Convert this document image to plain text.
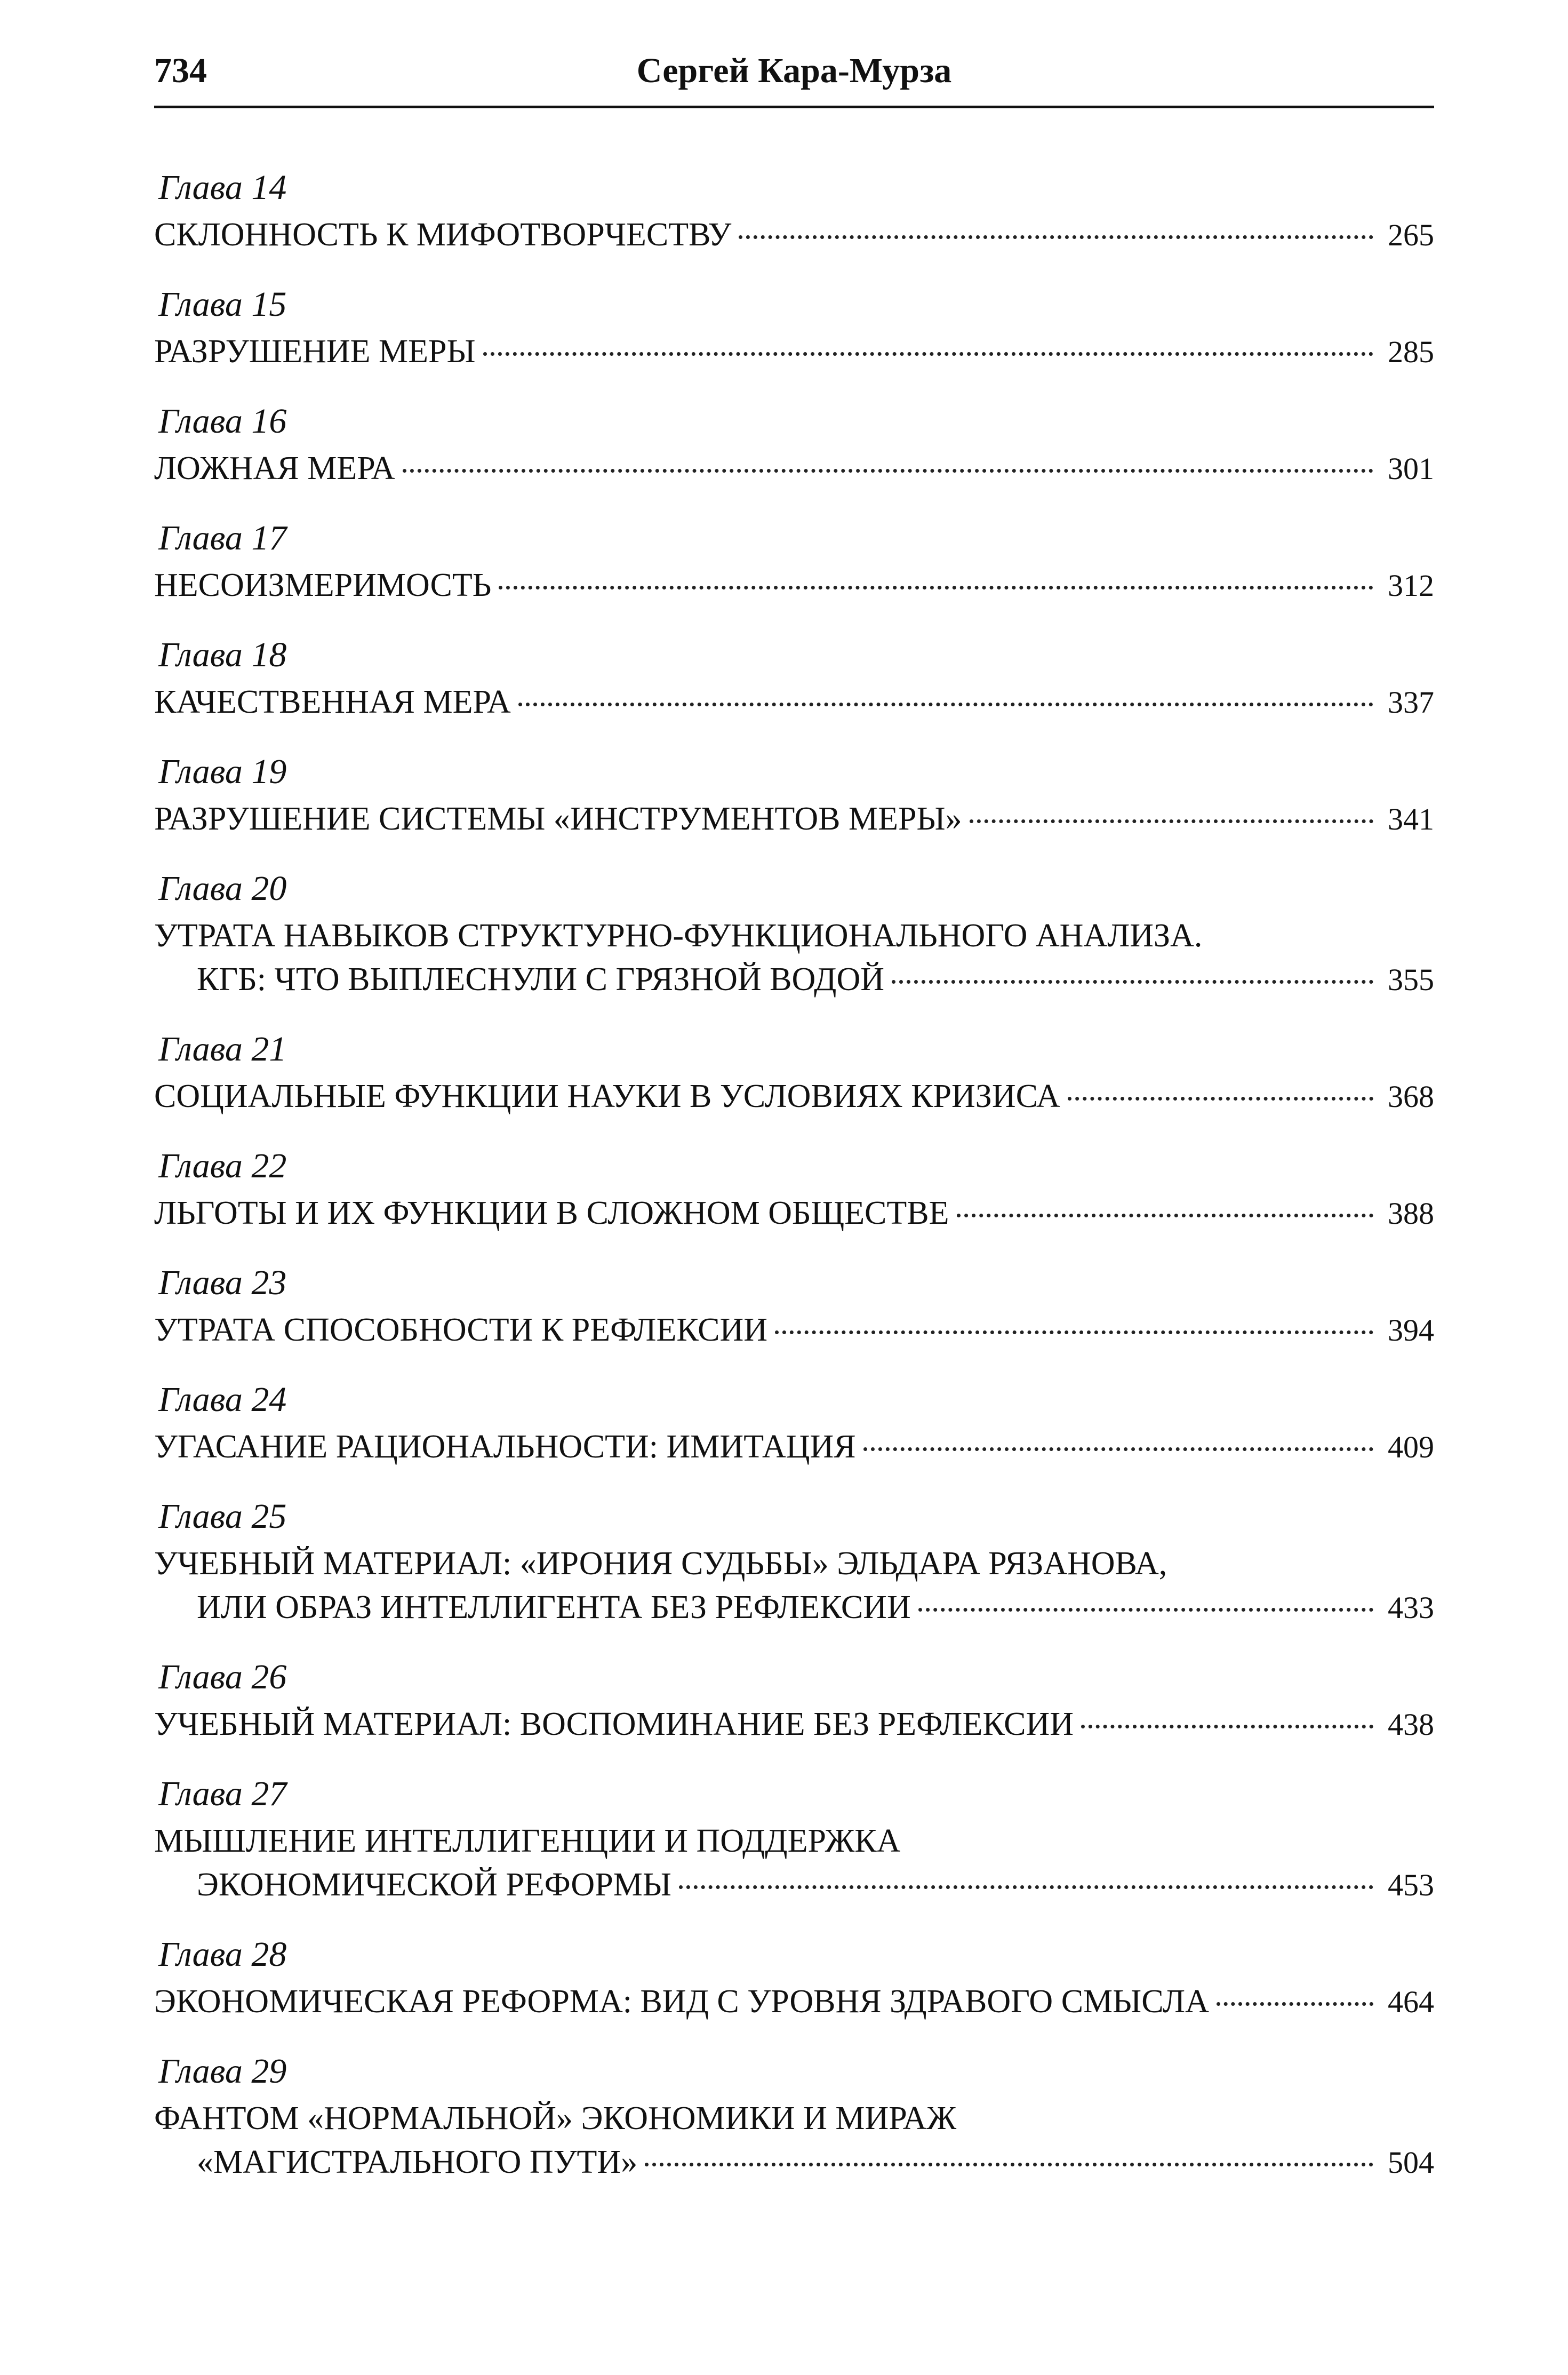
734	Сергей Кара-Мурза
Глава 14
СКЛОННОСТЬ К МИФОТВОРЧЕСТВУ	265
Глава 15
РАЗРУШЕНИЕ МЕРЫ	285
Глава 16
ЛОЖНАЯ МЕРА	301
Глава 17
НЕСОИЗМЕРИМОСТЬ	312
Глава 18
КАЧЕСТВЕННАЯ МЕРА	337
Глава 19
РАЗРУШЕНИЕ СИСТЕМЫ «ИНСТРУМЕНТОВ МЕРЫ»	341
Глава 20
УТРАТА НАВЫКОВ СТРУКТУРНО-ФУНКЦИОНАЛЬНОГО АНАЛИЗА.
КГБ: ЧТО ВЫПЛЕСНУЛИ С ГРЯЗНОЙ ВОДОЙ	355
Глава 21
СОЦИАЛЬНЫЕ ФУНКЦИИ НАУКИ В УСЛОВИЯХ КРИЗИСА	368
Глава 22
ЛЬГОТЫ И ИХ ФУНКЦИИ В СЛОЖНОМ ОБЩЕСТВЕ	388
Глава 23
УТРАТА СПОСОБНОСТИ К РЕФЛЕКСИИ	394
Глава 24
УГАСАНИЕ РАЦИОНАЛЬНОСТИ: ИМИТАЦИЯ	409
Глава 25
УЧЕБНЫЙ МАТЕРИАЛ: «ИРОНИЯ СУДЬБЫ» ЭЛЬДАРА РЯЗАНОВА,
ИЛИ ОБРАЗ ИНТЕЛЛИГЕНТА БЕЗ РЕФЛЕКСИИ	433
Глава 26
УЧЕБНЫЙ МАТЕРИАЛ: ВОСПОМИНАНИЕ БЕЗ РЕФЛЕКСИИ	438
Глава 27
МЫШЛЕНИЕ ИНТЕЛЛИГЕНЦИИ И ПОДДЕРЖКА
ЭКОНОМИЧЕСКОЙ РЕФОРМЫ	453
Глава 28
ЭКОНОМИЧЕСКАЯ РЕФОРМА: ВИД С УРОВНЯ ЗДРАВОГО СМЫСЛА	464
Глава 29
ФАНТОМ «НОРМАЛЬНОЙ» ЭКОНОМИКИ И МИРАЖ
«МАГИСТРАЛЬНОГО ПУТИ»	504
